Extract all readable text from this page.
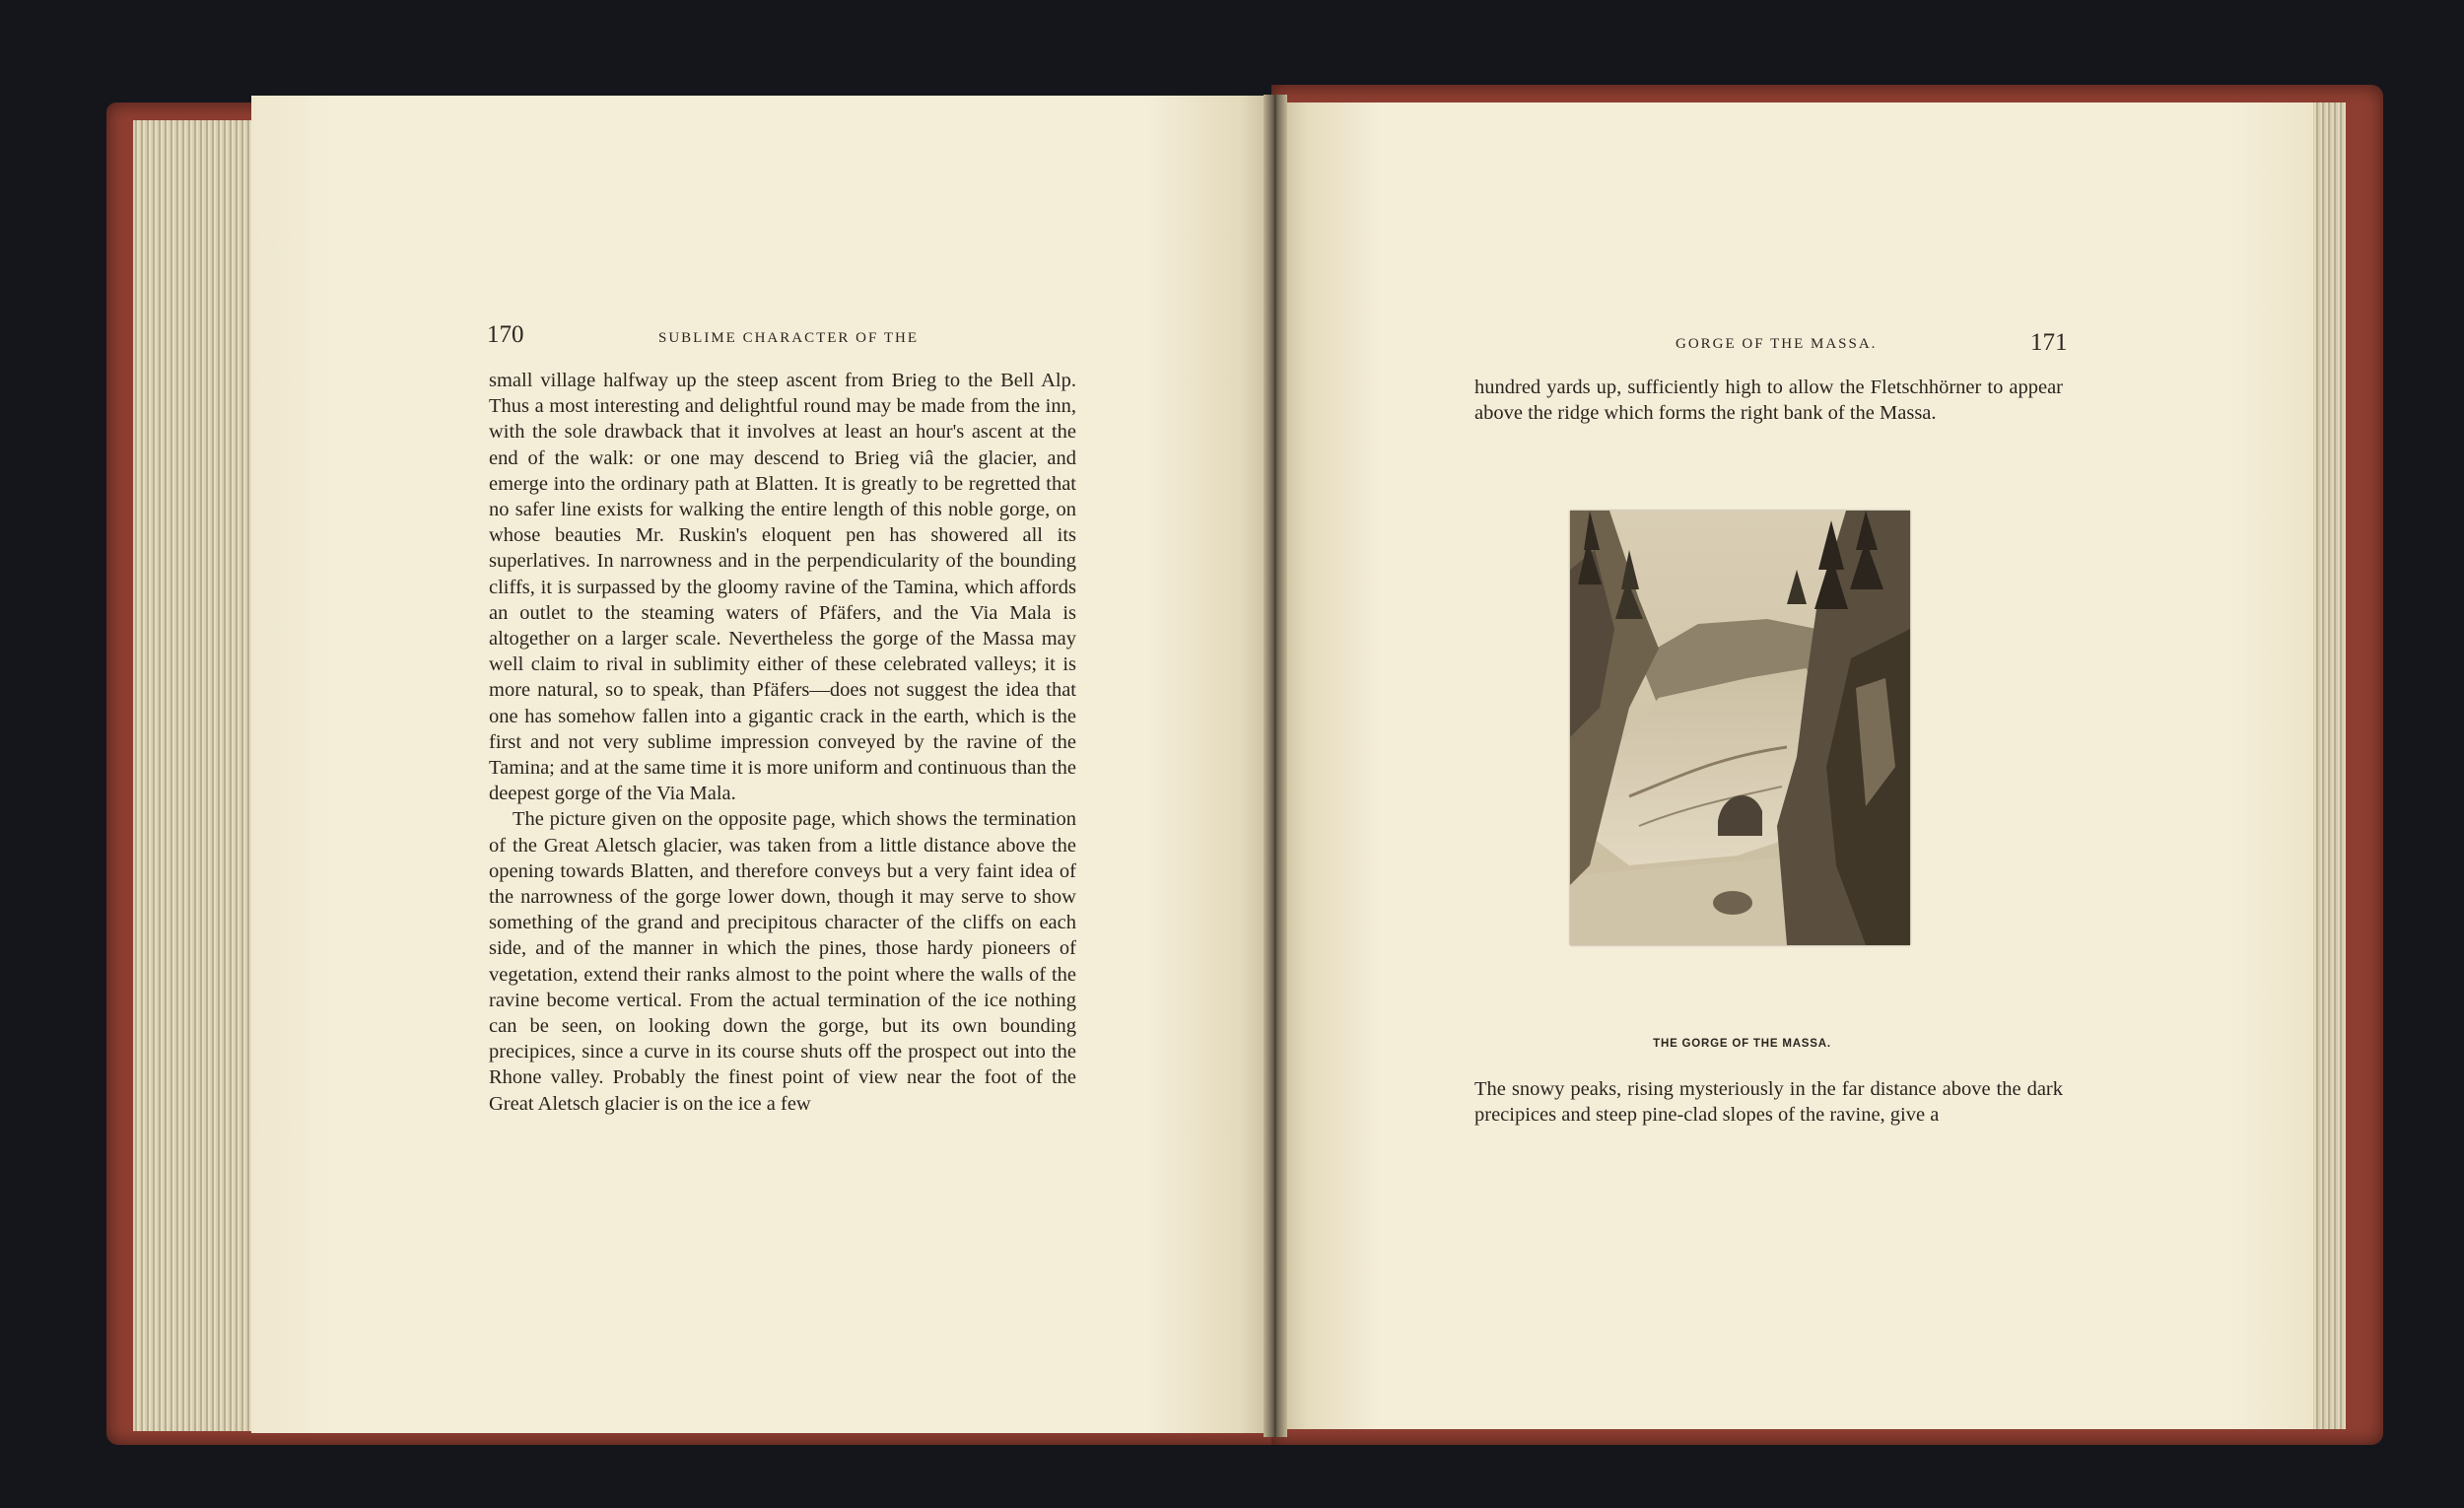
170	SUBLIME CHARACTER OF THE

small village halfway up the steep ascent from Brieg to the Bell Alp. Thus a most interesting and delightful round may be made from the inn, with the sole drawback that it involves at least an hour's ascent at the end of the walk: or one may descend to Brieg viâ the glacier, and emerge into the ordinary path at Blatten. It is greatly to be regretted that no safer line exists for walking the entire length of this noble gorge, on whose beauties Mr. Ruskin's eloquent pen has showered all its superlatives. In narrowness and in the perpendicularity of the bounding cliffs, it is surpassed by the gloomy ravine of the Tamina, which affords an outlet to the steaming waters of Pfäfers, and the Via Mala is altogether on a larger scale. Nevertheless the gorge of the Massa may well claim to rival in sublimity either of these celebrated valleys; it is more natural, so to speak, than Pfäfers—does not suggest the idea that one has somehow fallen into a gigantic crack in the earth, which is the first and not very sublime impression conveyed by the ravine of the Tamina; and at the same time it is more uniform and continuous than the deepest gorge of the Via Mala.

The picture given on the opposite page, which shows the termination of the Great Aletsch glacier, was taken from a little distance above the opening towards Blatten, and therefore conveys but a very faint idea of the narrowness of the gorge lower down, though it may serve to show something of the grand and precipitous character of the cliffs on each side, and of the manner in which the pines, those hardy pioneers of vegetation, extend their ranks almost to the point where the walls of the ravine become vertical. From the actual termination of the ice nothing can be seen, on looking down the gorge, but its own bounding precipices, since a curve in its course shuts off the prospect out into the Rhone valley. Probably the finest point of view near the foot of the Great Aletsch glacier is on the ice a few

GORGE OF THE MASSA.	171

hundred yards up, sufficiently high to allow the Fletschhörner to appear above the ridge which forms the right bank of the Massa.

THE GORGE OF THE MASSA.

The snowy peaks, rising mysteriously in the far distance above the dark precipices and steep pine-clad slopes of the ravine, give a
